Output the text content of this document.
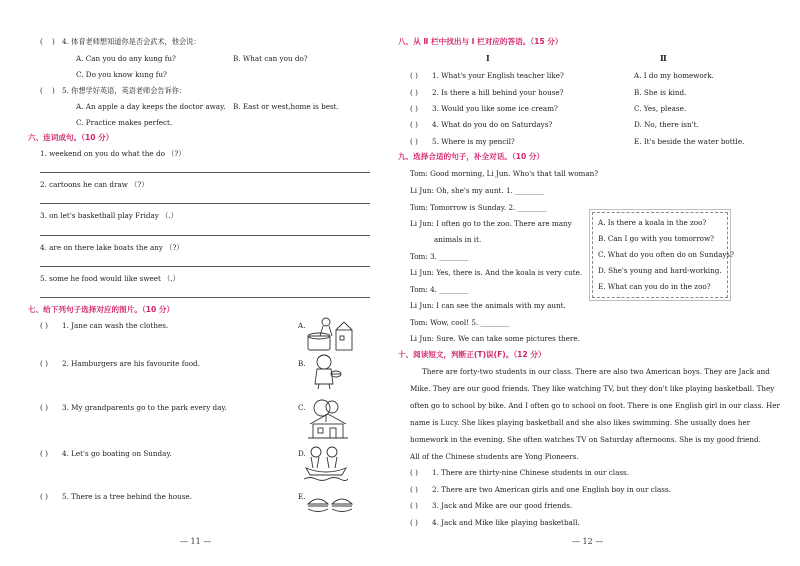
( ) 4. 体育老师想知道你是否会武术，他会说：
A. Can you do any kung fu?	B. What can you do?
C. Do you know kung fu?
( ) 5. 你想学好英语，英语老师会告诉你：
A. An apple a day keeps the doctor away. B. East or west,home is best.
C. Practice makes perfect.
六、连词成句。（10 分）
1. weekend on you do what the do （?）
2. cartoons he can draw （?）
3. on let's basketball play Friday （.）
4. are on there lake boats the any （?）
5. some he food would like sweet （.）
七、给下列句子选择对应的图片。（10 分）
( ) 1. Jane can wash the clothes.	A.
( ) 2. Hamburgers are his favourite food.	B.
( ) 3. My grandparents go to the park every day.	C.
( ) 4. Let's go boating on Sunday.	D.
( ) 5. There is a tree behind the house.	E.
— 11 —
八、从 Ⅱ 栏中找出与 Ⅰ 栏对应的答语。（15 分）
Ⅰ	Ⅱ
( ) 1. What's your English teacher like?	A. I do my homework.
( ) 2. Is there a hill behind your house?	B. She is kind.
( ) 3. Would you like some ice cream?	C. Yes, please.
( ) 4. What do you do on Saturdays?	D. No, there isn't.
( ) 5. Where is my pencil?	E. It's beside the water bottle.
九、选择合适的句子，补全对话。（10 分）
Tom: Good morning, Li Jun. Who's that tall woman?
Li Jun: Oh, she's my aunt. 1. ________
Tom: Tomorrow is Sunday. 2. ________
Li Jun: I often go to the zoo. There are many
animals in it.
Tom: 3. ________
Li Jun: Yes, there is. And the koala is very cute.
Tom: 4. ________
Li Jun: I can see the animals with my aunt.
Tom: Wow, cool! 5. ________
Li Jun: Sure. We can take some pictures there.
A. Is there a koala in the zoo?
B. Can I go with you tomorrow?
C. What do you often do on Sundays?
D. She's young and hard-working.
E. What can you do in the zoo?
十、阅读短文，判断正(T)误(F)。（12 分）
There are forty-two students in our class. There are also two American boys. They are Jack and
Mike. They are our good friends. They like watching TV, but they don't like playing basketball. They
often go to school by bike. And I often go to school on foot. There is one English girl in our class. Her
name is Lucy. She likes playing basketball and she also likes swimming. She usually does her
homework in the evening. She often watches TV on Saturday afternoons. She is my good friend.
All of the Chinese students are Yong Pioneers.
( ) 1. There are thirty-nine Chinese students in our class.
( ) 2. There are two American girls and one English boy in our class.
( ) 3. Jack and Mike are our good friends.
( ) 4. Jack and Mike like playing basketball.
— 12 —
